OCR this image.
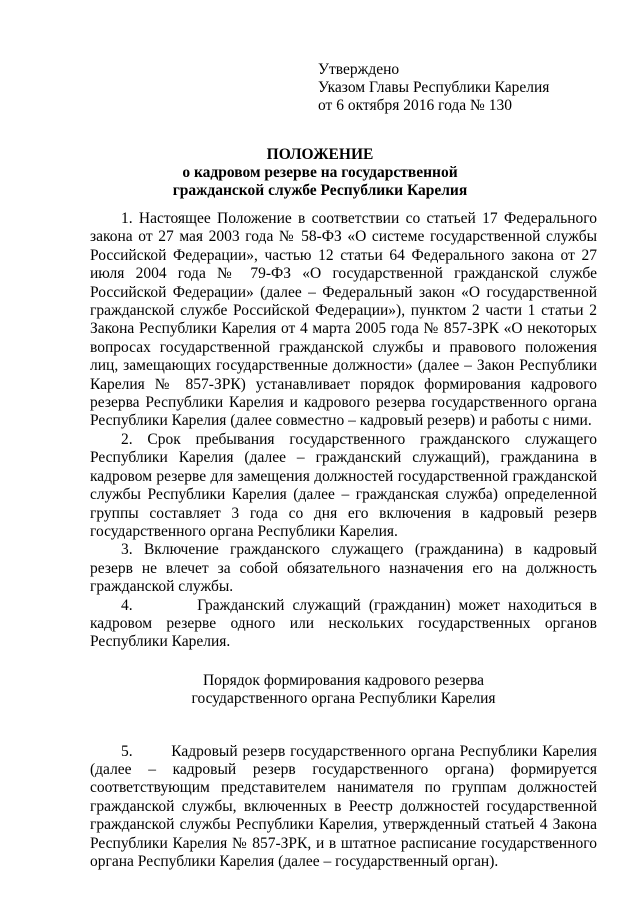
Утверждено
Указом Главы Республики Карелия
от 6 октября 2016 года № 130
ПОЛОЖЕНИЕ
о кадровом резерве на государственной
гражданской службе Республики Карелия

1. Настоящее Положение в соответствии со статьей 17 Федерального закона от 27 мая 2003 года № 58-ФЗ «О системе государственной службы Российской Федерации», частью 12 статьи 64 Федерального закона от 27 июля 2004 года № 79-ФЗ «О государственной гражданской службе Российской Федерации» (далее – Федеральный закон «О государственной гражданской службе Российской Федерации»), пунктом 2 части 1 статьи 2 Закона Республики Карелия от 4 марта 2005 года № 857-ЗРК «О некоторых вопросах государственной гражданской службы и правового положения лиц, замещающих государственные должности» (далее – Закон Республики Карелия № 857-ЗРК) устанавливает порядок формирования кадрового резерва Республики Карелия и кадрового резерва государственного органа Республики Карелия (далее совместно – кадровый резерв) и работы с ними.

2. Срок пребывания государственного гражданского служащего Республики Карелия (далее – гражданский служащий), гражданина в кадровом резерве для замещения должностей государственной гражданской службы Республики Карелия (далее – гражданская служба) определенной группы составляет 3 года со дня его включения в кадровый резерв государственного органа Республики Карелия.

3. Включение гражданского служащего (гражданина) в кадровый резерв не влечет за собой обязательного назначения его на должность гражданской службы.

4.        Гражданский служащий (гражданин) может находиться в кадровом резерве одного или нескольких государственных органов Республики Карелия.

Порядок формирования кадрового резерва
государственного органа Республики Карелия

5.        Кадровый резерв государственного органа Республики Карелия (далее – кадровый резерв государственного органа) формируется соответствующим представителем нанимателя по группам должностей гражданской службы, включенных в Реестр должностей государственной гражданской службы Республики Карелия, утвержденный статьей 4 Закона Республики Карелия № 857-ЗРК, и в штатное расписание государственного органа Республики Карелия (далее – государственный орган).
